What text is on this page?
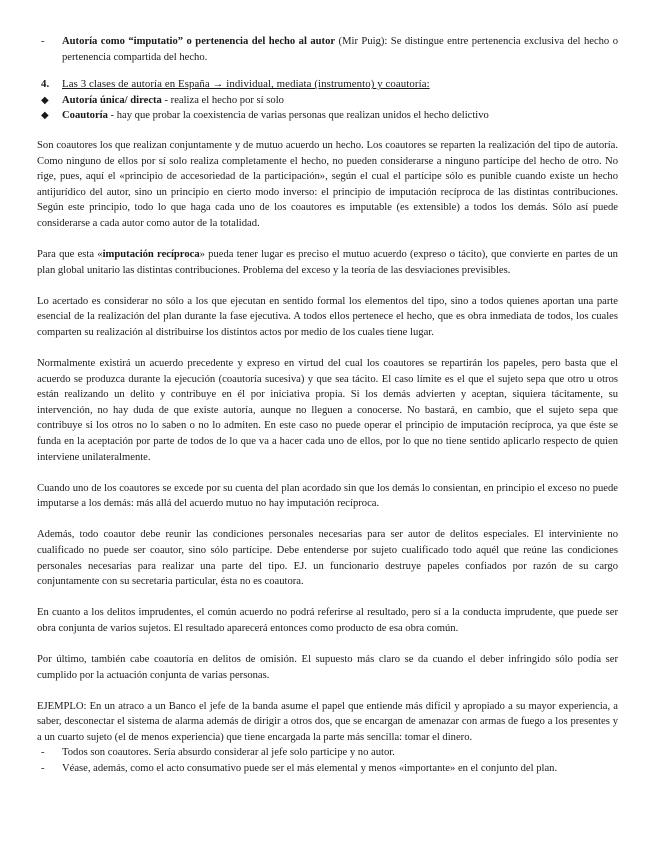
- Autoría como “imputatio” o pertenencia del hecho al autor (Mir Puig): Se distingue entre pertenencia exclusiva del hecho o pertenencia compartida del hecho.
4. Las 3 clases de autoría en España → individual, mediata (instrumento) y coautoría:
◆ Autoría única/ directa - realiza el hecho por sí solo
◆ Coautoría - hay que probar la coexistencia de varias personas que realizan unidos el hecho delictivo

Son coautores los que realizan conjuntamente y de mutuo acuerdo un hecho. Los coautores se reparten la realización del tipo de autoría. Como ninguno de ellos por sí solo realiza completamente el hecho, no pueden considerarse a ninguno partícipe del hecho de otro. No rige, pues, aquí el «principio de accesoriedad de la participación», según el cual el partícipe sólo es punible cuando existe un hecho antijurídico del autor, sino un principio en cierto modo inverso: el principio de imputación recíproca de las distintas contribuciones. Según este principio, todo lo que haga cada uno de los coautores es imputable (es extensible) a todos los demás. Sólo así puede considerarse a cada autor como autor de la totalidad.

Para que esta «imputación recíproca» pueda tener lugar es preciso el mutuo acuerdo (expreso o tácito), que convierte en partes de un plan global unitario las distintas contribuciones. Problema del exceso y la teoría de las desviaciones previsibles.

Lo acertado es considerar no sólo a los que ejecutan en sentido formal los elementos del tipo, sino a todos quienes aportan una parte esencial de la realización del plan durante la fase ejecutiva. A todos ellos pertenece el hecho, que es obra inmediata de todos, los cuales comparten su realización al distribuirse los distintos actos por medio de los cuales tiene lugar.

Normalmente existirá un acuerdo precedente y expreso en virtud del cual los coautores se repartirán los papeles, pero basta que el acuerdo se produzca durante la ejecución (coautoría sucesiva) y que sea tácito. El caso límite es el que el sujeto sepa que otro u otros están realizando un delito y contribuye en él por iniciativa propia. Si los demás advierten y aceptan, siquiera tácitamente, su intervención, no hay duda de que existe autoría, aunque no lleguen a conocerse. No bastará, en cambio, que el sujeto sepa que contribuye si los otros no lo saben o no lo admiten. En este caso no puede operar el principio de imputación recíproca, ya que éste se funda en la aceptación por parte de todos de lo que va a hacer cada uno de ellos, por lo que no tiene sentido aplicarlo respecto de quien interviene unilateralmente.

Cuando uno de los coautores se excede por su cuenta del plan acordado sin que los demás lo consientan, en principio el exceso no puede imputarse a los demás: más allá del acuerdo mutuo no hay imputación recíproca.

Además, todo coautor debe reunir las condiciones personales necesarias para ser autor de delitos especiales. El interviniente no cualificado no puede ser coautor, sino sólo partícipe. Debe entenderse por sujeto cualificado todo aquél que reúne las condiciones personales necesarias para realizar una parte del tipo. EJ. un funcionario destruye papeles confiados por razón de su cargo conjuntamente con su secretaria particular, ésta no es coautora.

En cuanto a los delitos imprudentes, el común acuerdo no podrá referirse al resultado, pero sí a la conducta imprudente, que puede ser obra conjunta de varios sujetos. El resultado aparecerá entonces como producto de esa obra común.

Por último, también cabe coautoría en delitos de omisión. El supuesto más claro se da cuando el deber infringido sólo podía ser cumplido por la actuación conjunta de varias personas.

EJEMPLO: En un atraco a un Banco el jefe de la banda asume el papel que entiende más difícil y apropiado a su mayor experiencia, a saber, desconectar el sistema de alarma además de dirigir a otros dos, que se encargan de amenazar con armas de fuego a los presentes y a un cuarto sujeto (el de menos experiencia) que tiene encargada la parte más sencilla: tomar el dinero.

- Todos son coautores. Sería absurdo considerar al jefe solo participe y no autor.
- Véase, además, como el acto consumativo puede ser el más elemental y menos «importante» en el conjunto del plan.
